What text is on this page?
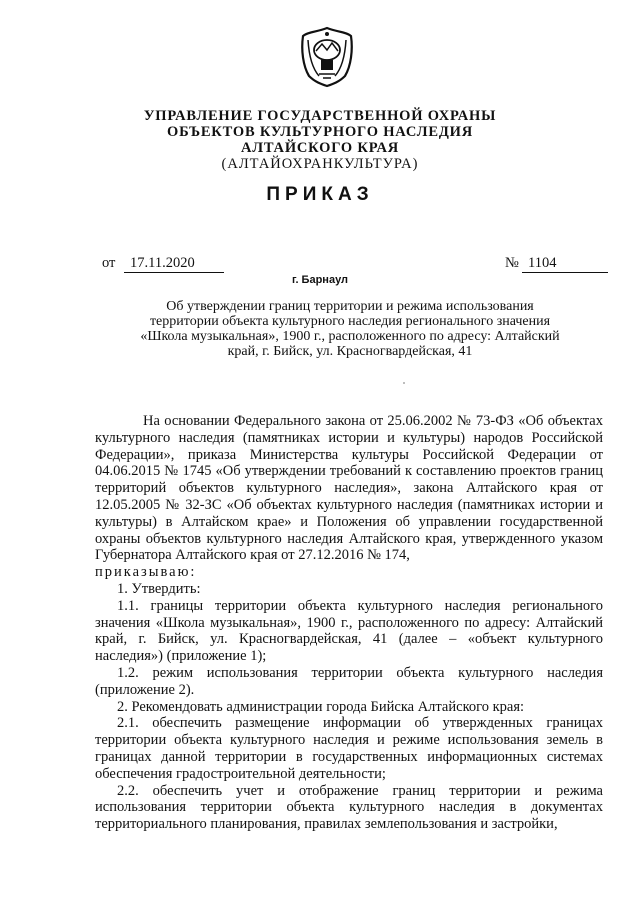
УПРАВЛЕНИЕ ГОСУДАРСТВЕННОЙ ОХРАНЫ
ОБЪЕКТОВ КУЛЬТУРНОГО НАСЛЕДИЯ
АЛТАЙСКОГО КРАЯ
(АЛТАЙОХРАНКУЛЬТУРА)
ПРИКАЗ
от	17.11.2020	№ 1104
г. Барнаул
Об утверждении границ территории и режима использования территории объекта культурного наследия регионального значения «Школа музыкальная», 1900 г., расположенного по адресу: Алтайский край, г. Бийск, ул. Красногвардейская, 41

На основании Федерального закона от 25.06.2002 № 73-ФЗ «Об объектах культурного наследия (памятниках истории и культуры) народов Российской Федерации», приказа Министерства культуры Российской Федерации от 04.06.2015 № 1745 «Об утверждении требований к составлению проектов границ территорий объектов культурного наследия», закона Алтайского края от 12.05.2005 № 32-ЗС «Об объектах культурного наследия (памятниках истории и культуры) в Алтайском крае» и Положения об управлении государственной охраны объектов культурного наследия Алтайского края, утвержденного указом Губернатора Алтайского края от 27.12.2016 № 174,

приказываю:

1. Утвердить:

1.1. границы территории объекта культурного наследия регионального значения «Школа музыкальная», 1900 г., расположенного по адресу: Алтайский край, г. Бийск, ул. Красногвардейская, 41 (далее – «объект культурного наследия») (приложение 1);

1.2. режим использования территории объекта культурного наследия (приложение 2).

2. Рекомендовать администрации города Бийска Алтайского края:

2.1. обеспечить размещение информации об утвержденных границах территории объекта культурного наследия и режиме использования земель в границах данной территории в государственных информационных системах обеспечения градостроительной деятельности;

2.2. обеспечить учет и отображение границ территории и режима использования территории объекта культурного наследия в документах территориального планирования, правилах землепользования и застройки,
